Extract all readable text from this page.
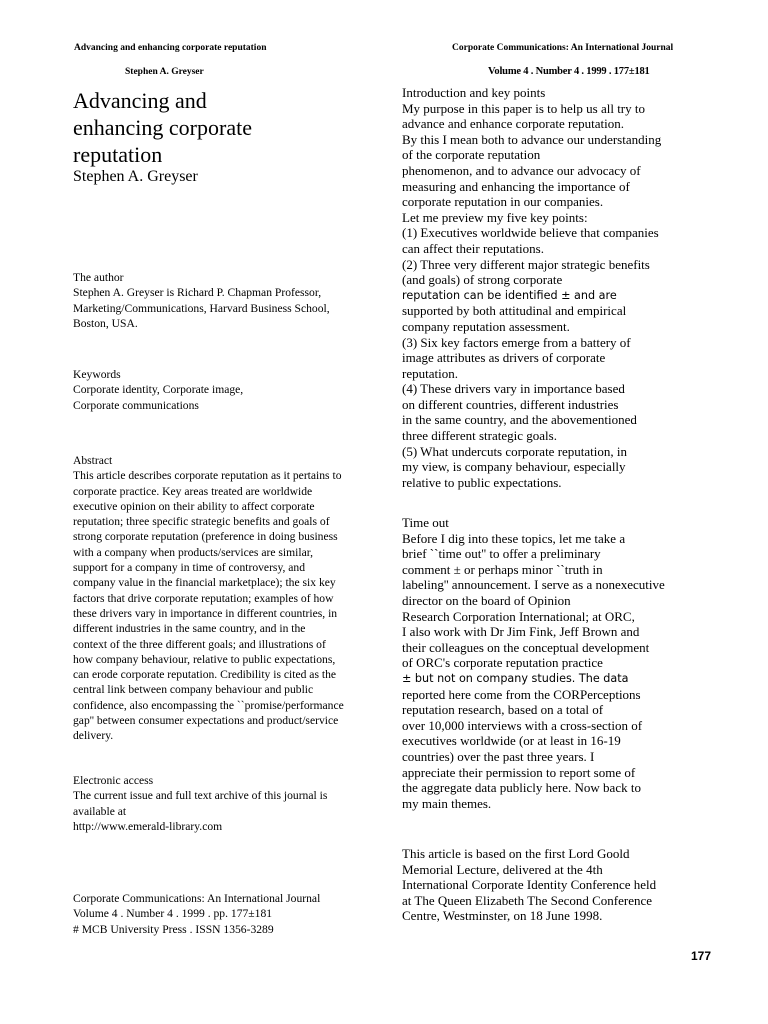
Advancing and enhancing corporate reputation	Corporate Communications: An International Journal
Stephen A. Greyser	Volume 4 . Number 4 . 1999 . 177±181
Advancing and
enhancing corporate
reputation
Stephen A. Greyser
The author
Stephen A. Greyser is Richard P. Chapman Professor,
Marketing/Communications, Harvard Business School,
Boston, USA.
Keywords
Corporate identity, Corporate image,
Corporate communications
Abstract
This article describes corporate reputation as it pertains to
corporate practice. Key areas treated are worldwide
executive opinion on their ability to affect corporate
reputation; three specific strategic benefits and goals of
strong corporate reputation (preference in doing business
with a company when products/services are similar,
support for a company in time of controversy, and
company value in the financial marketplace); the six key
factors that drive corporate reputation; examples of how
these drivers vary in importance in different countries, in
different industries in the same country, and in the
context of the three different goals; and illustrations of
how company behaviour, relative to public expectations,
can erode corporate reputation. Credibility is cited as the
central link between company behaviour and public
confidence, also encompassing the ``promise/performance
gap'' between consumer expectations and product/service
delivery.
Electronic access
The current issue and full text archive of this journal is
available at
http://www.emerald-library.com
Corporate Communications: An International Journal
Volume 4 . Number 4 . 1999 . pp. 177±181
# MCB University Press . ISSN 1356-3289
Introduction and key points
My purpose in this paper is to help us all try to
advance and enhance corporate reputation.
By this I mean both to advance our understanding
of the corporate reputation
phenomenon, and to advance our advocacy of
measuring and enhancing the importance of
corporate reputation in our companies.
Let me preview my five key points:
(1) Executives worldwide believe that companies
can affect their reputations.
(2) Three very different major strategic benefits
(and goals) of strong corporate
reputation can be identified ± and are
supported by both attitudinal and empirical
company reputation assessment.
(3) Six key factors emerge from a battery of
image attributes as drivers of corporate
reputation.
(4) These drivers vary in importance based
on different countries, different industries
in the same country, and the abovementioned
three different strategic goals.
(5) What undercuts corporate reputation, in
my view, is company behaviour, especially
relative to public expectations.
Time out
Before I dig into these topics, let me take a
brief ``time out'' to offer a preliminary
comment ± or perhaps minor ``truth in
labeling'' announcement. I serve as a nonexecutive
director on the board of Opinion
Research Corporation International; at ORC,
I also work with Dr Jim Fink, Jeff Brown and
their colleagues on the conceptual development
of ORC's corporate reputation practice
± but not on company studies. The data
reported here come from the CORPerceptions
reputation research, based on a total of
over 10,000 interviews with a cross-section of
executives worldwide (or at least in 16-19
countries) over the past three years. I
appreciate their permission to report some of
the aggregate data publicly here. Now back to
my main themes.
This article is based on the first Lord Goold
Memorial Lecture, delivered at the 4th
International Corporate Identity Conference held
at The Queen Elizabeth The Second Conference
Centre, Westminster, on 18 June 1998.
177
